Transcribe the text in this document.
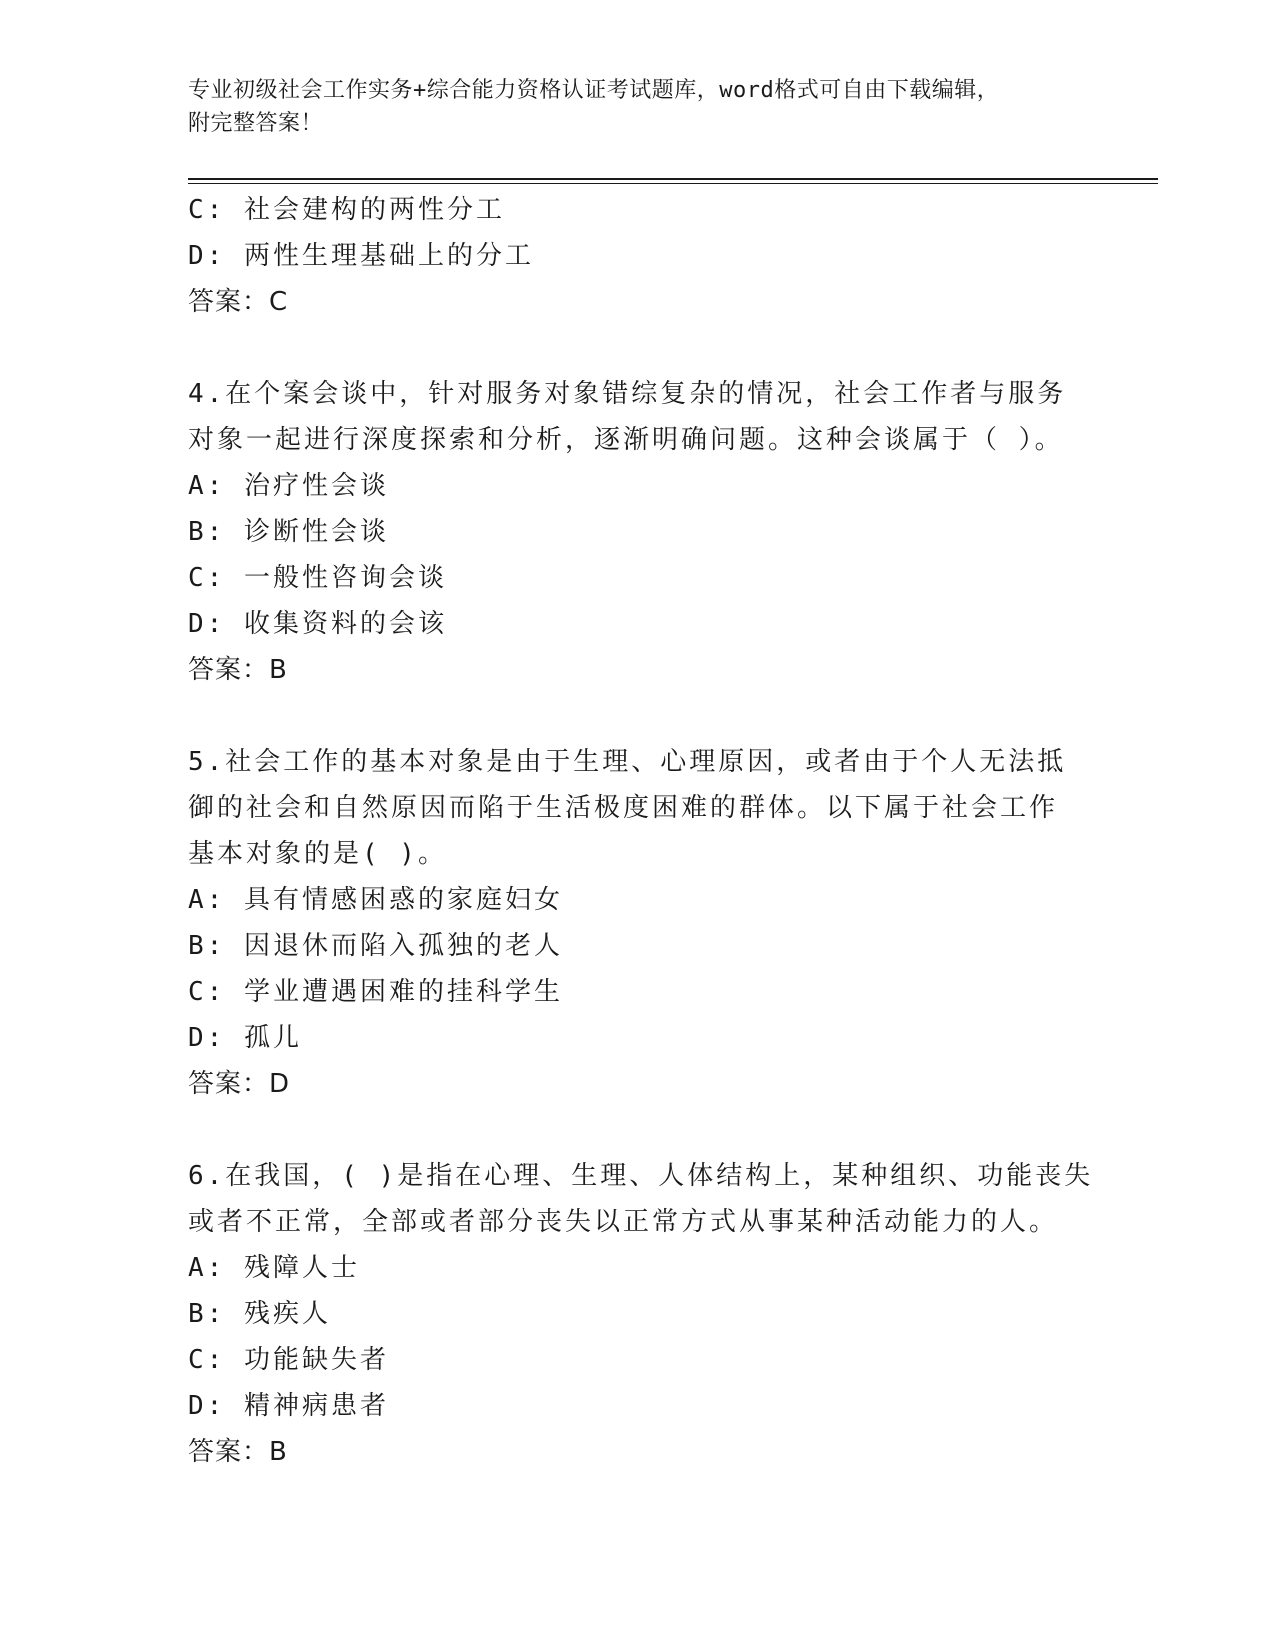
专业初级社会工作实务+综合能力资格认证考试题库，word格式可自由下载编辑，
附完整答案！
C: 社会建构的两性分工
D: 两性生理基础上的分工
答案：C
4.在个案会谈中，针对服务对象错综复杂的情况，社会工作者与服务
对象一起进行深度探索和分析，逐渐明确问题。这种会谈属于（ ）。
A: 治疗性会谈
B: 诊断性会谈
C: 一般性咨询会谈
D: 收集资料的会该
答案：B
5.社会工作的基本对象是由于生理、心理原因，或者由于个人无法抵
御的社会和自然原因而陷于生活极度困难的群体。以下属于社会工作
基本对象的是( )。
A: 具有情感困惑的家庭妇女
B: 因退休而陷入孤独的老人
C: 学业遭遇困难的挂科学生
D: 孤儿
答案：D
6.在我国，( )是指在心理、生理、人体结构上，某种组织、功能丧失
或者不正常，全部或者部分丧失以正常方式从事某种活动能力的人。
A: 残障人士
B: 残疾人
C: 功能缺失者
D: 精神病患者
答案：B
